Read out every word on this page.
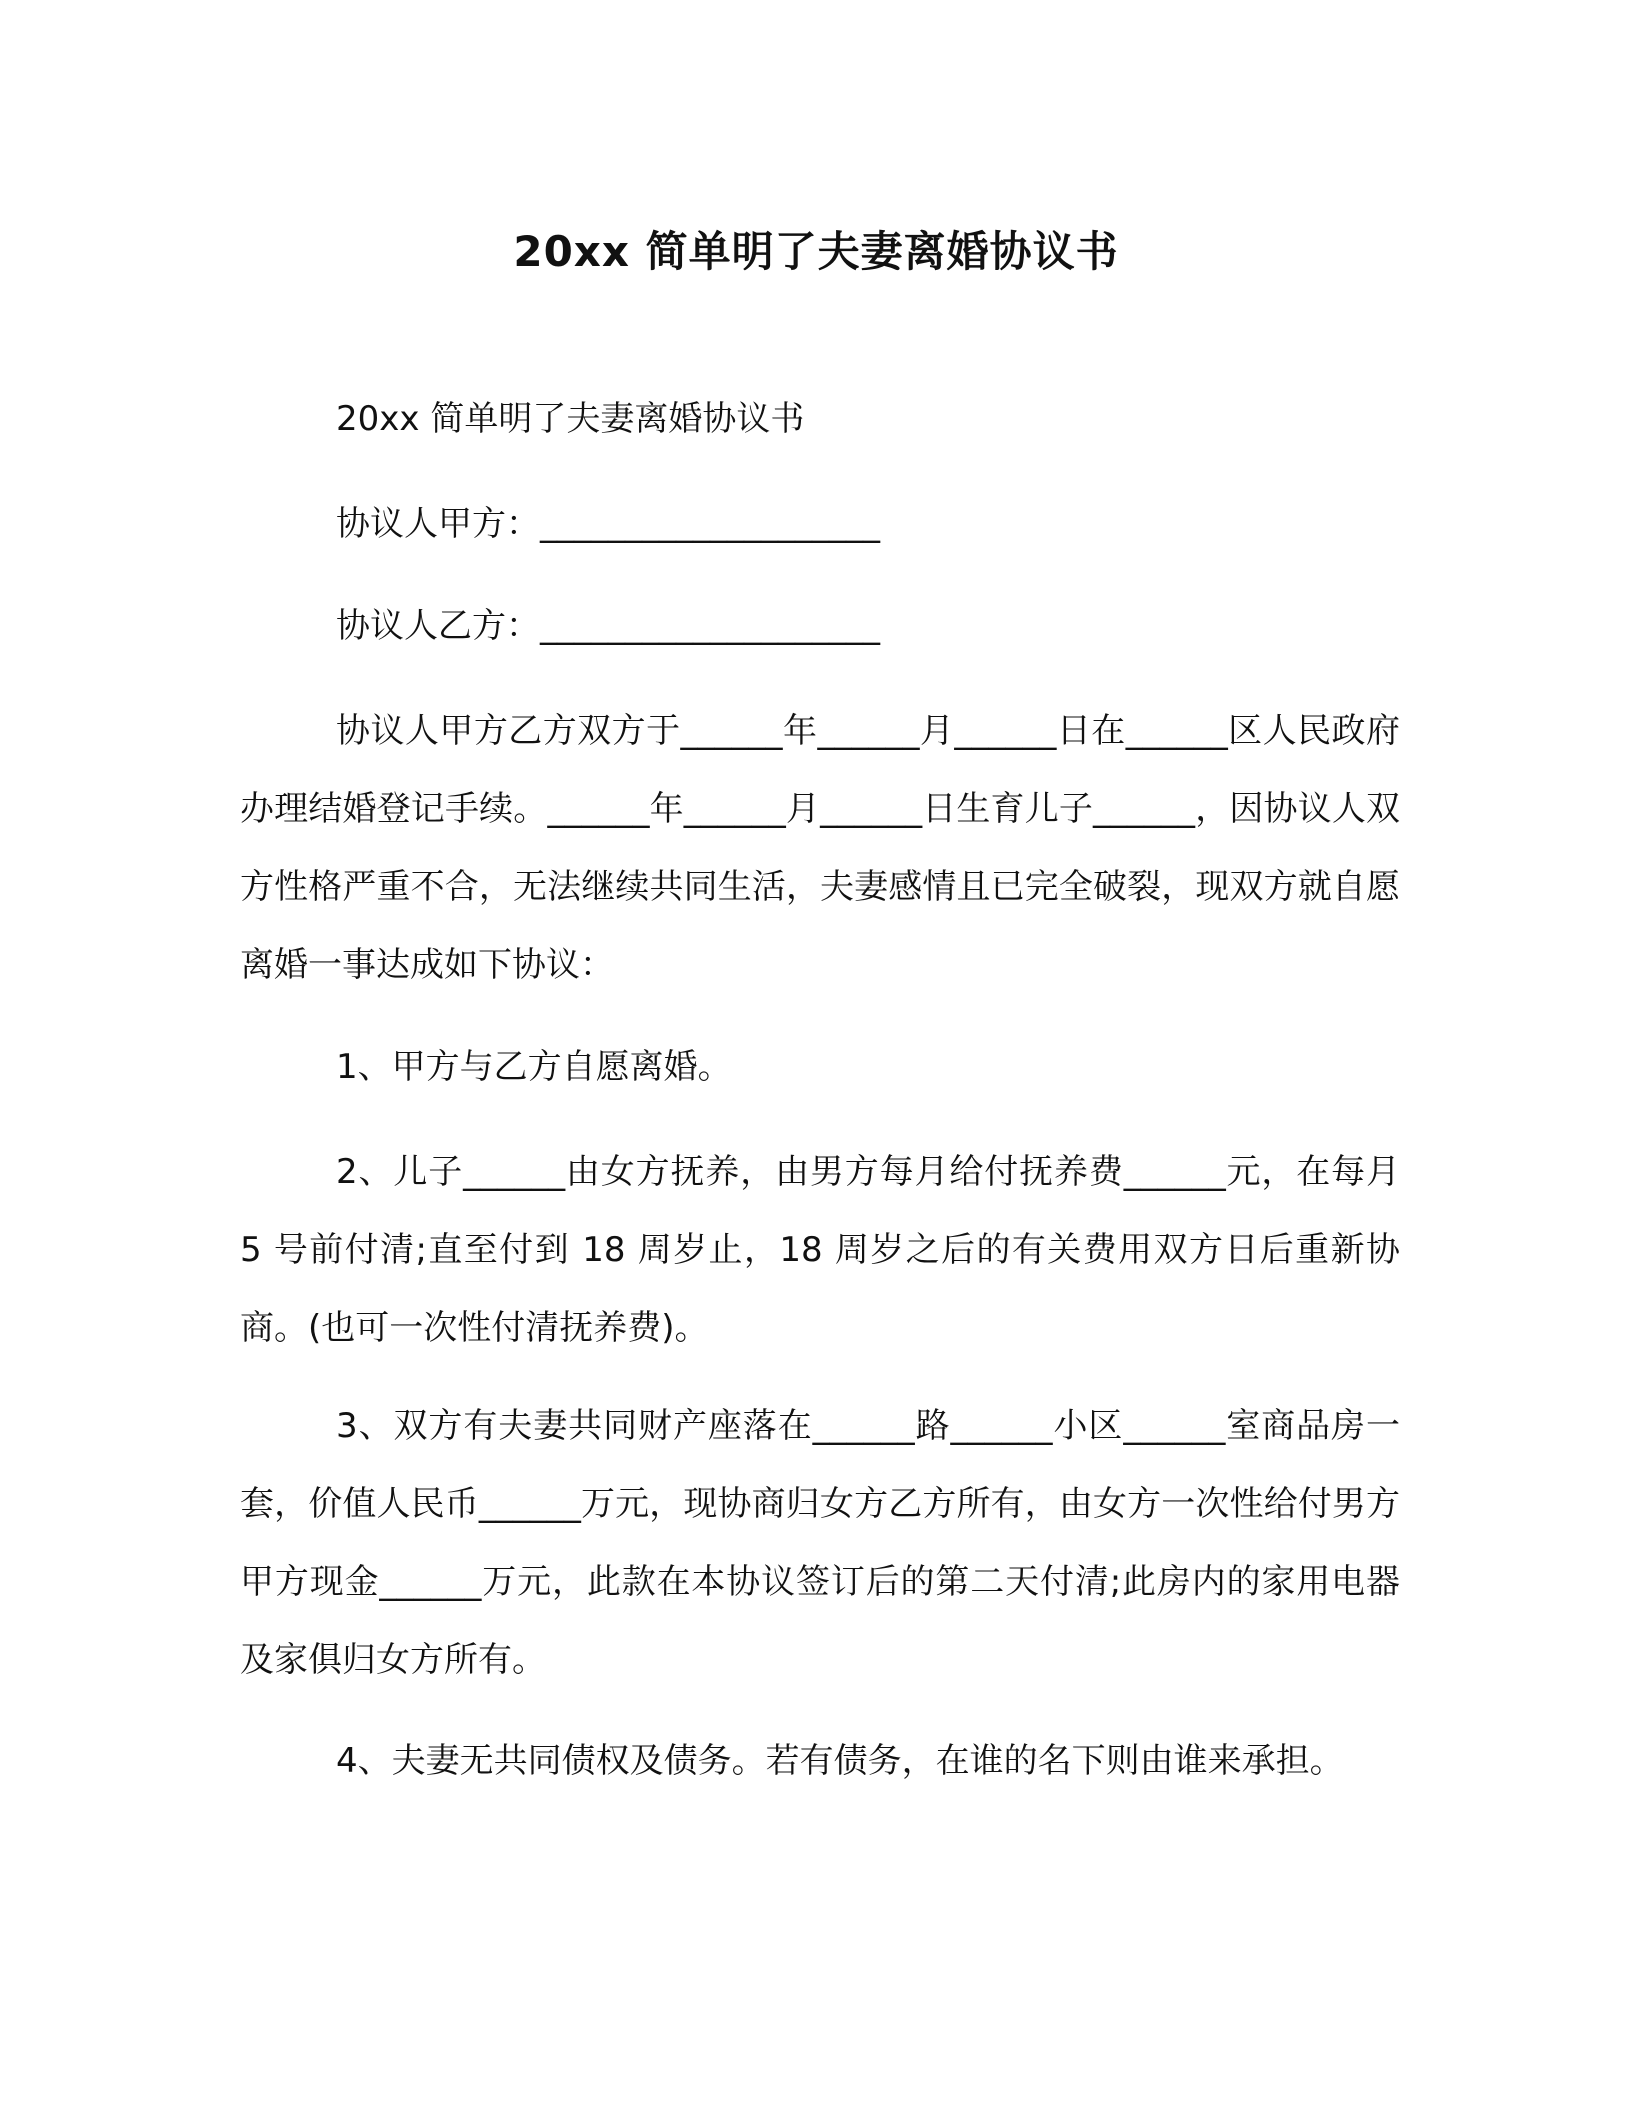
20xx 简单明了夫妻离婚协议书

20xx 简单明了夫妻离婚协议书

协议人甲方：____________________

协议人乙方：____________________

协议人甲方乙方双方于______年______月______日在______区人民政府办理结婚登记手续。______年______月______日生育儿子______，因协议人双方性格严重不合，无法继续共同生活，夫妻感情且已完全破裂，现双方就自愿离婚一事达成如下协议：

1、甲方与乙方自愿离婚。

2、儿子______由女方抚养，由男方每月给付抚养费______元，在每月 5 号前付清;直至付到 18 周岁止，18 周岁之后的有关费用双方日后重新协商。(也可一次性付清抚养费)。

3、双方有夫妻共同财产座落在______路______小区______室商品房一套，价值人民币______万元，现协商归女方乙方所有，由女方一次性给付男方甲方现金______万元，此款在本协议签订后的第二天付清;此房内的家用电器及家俱归女方所有。

4、夫妻无共同债权及债务。若有债务，在谁的名下则由谁来承担。
